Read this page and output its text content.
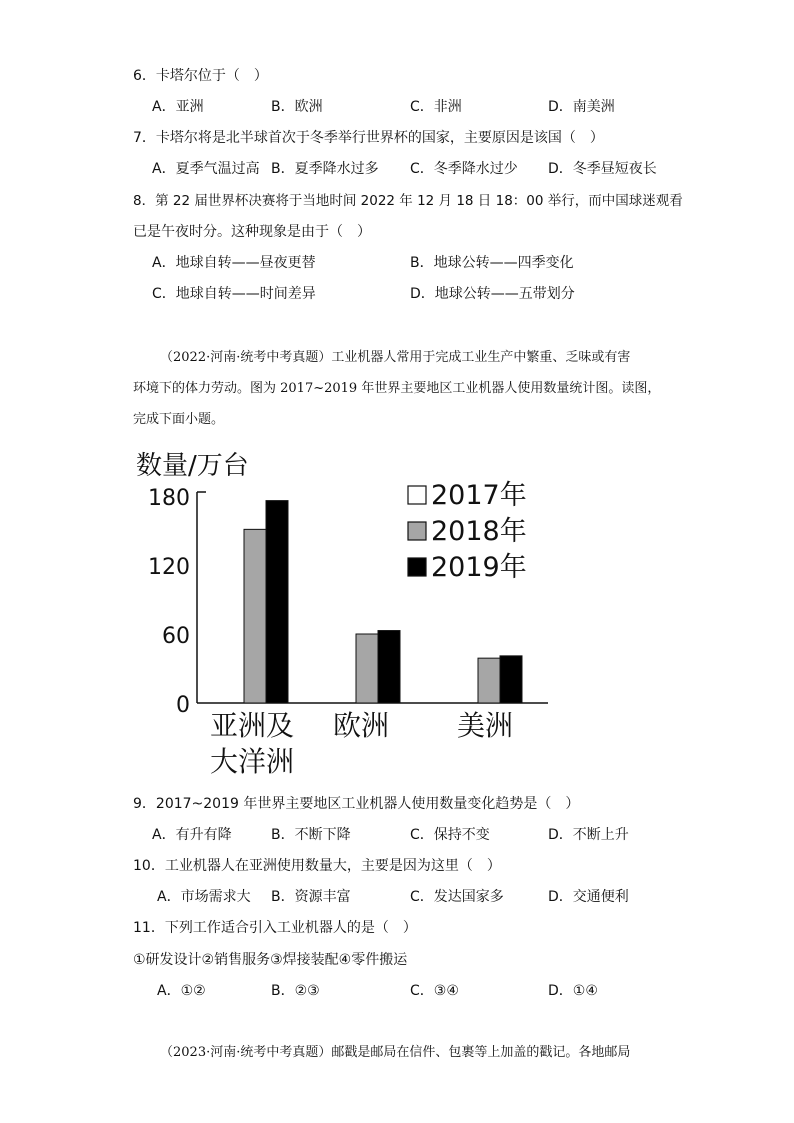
6．卡塔尔位于（　）
A．亚洲	B．欧洲	C．非洲	D．南美洲
7．卡塔尔将是北半球首次于冬季举行世界杯的国家，主要原因是该国（　）
A．夏季气温过高 B．夏季降水过多 C．冬季降水过少 D．冬季昼短夜长
8．第 22 届世界杯决赛将于当地时间 2022 年 12 月 18 日 18：00 举行，而中国球迷观看
已是午夜时分。这种现象是由于（　）
A．地球自转——昼夜更替	B．地球公转——四季变化
C．地球自转——时间差异	D．地球公转——五带划分
（2022·河南·统考中考真题）工业机器人常用于完成工业生产中繁重、乏味或有害
环境下的体力劳动。图为 2017~2019 年世界主要地区工业机器人使用数量统计图。读图，
完成下面小题。
数量/万台
180
120
60
0
亚洲及
大洋洲
欧洲 美洲
2017年
2018年
2019年
9．2017~2019 年世界主要地区工业机器人使用数量变化趋势是（　）
A．有升有降	B．不断下降	C．保持不变	D．不断上升
10．工业机器人在亚洲使用数量大，主要是因为这里（　）
A．市场需求大 B．资源丰富	C．发达国家多	D．交通便利
11．下列工作适合引入工业机器人的是（　）
①研发设计②销售服务③焊接装配④零件搬运
A．①②	B．②③	C．③④	D．①④
（2023·河南·统考中考真题）邮戳是邮局在信件、包裹等上加盖的戳记。各地邮局
